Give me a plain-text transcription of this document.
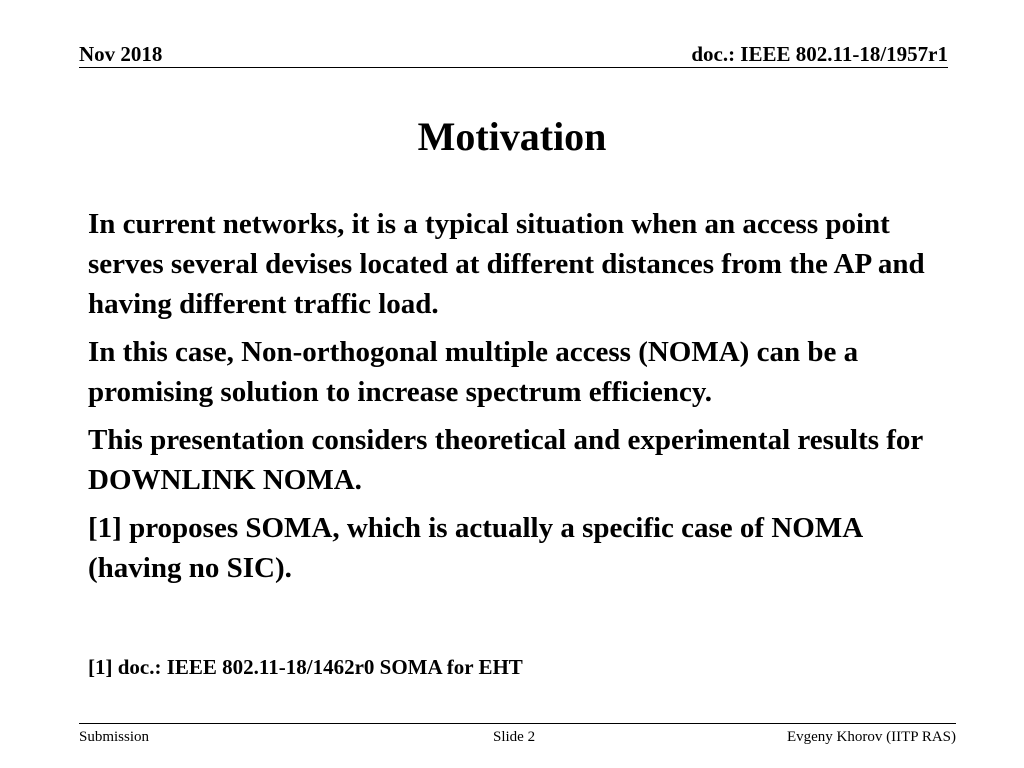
Nov 2018	doc.: IEEE 802.11-18/1957r1
Motivation

In current networks, it is a typical situation when an access point serves several devises located at different distances from the AP and having different traffic load.

In this case, Non-orthogonal multiple access (NOMA) can be a promising solution to increase spectrum efficiency.

This presentation considers theoretical and experimental results for DOWNLINK NOMA.

[1] proposes SOMA, which is actually a specific case of NOMA (having no SIC).

[1] doc.: IEEE 802.11-18/1462r0 SOMA for EHT
Submission	Slide 2	Evgeny Khorov (IITP RAS)
